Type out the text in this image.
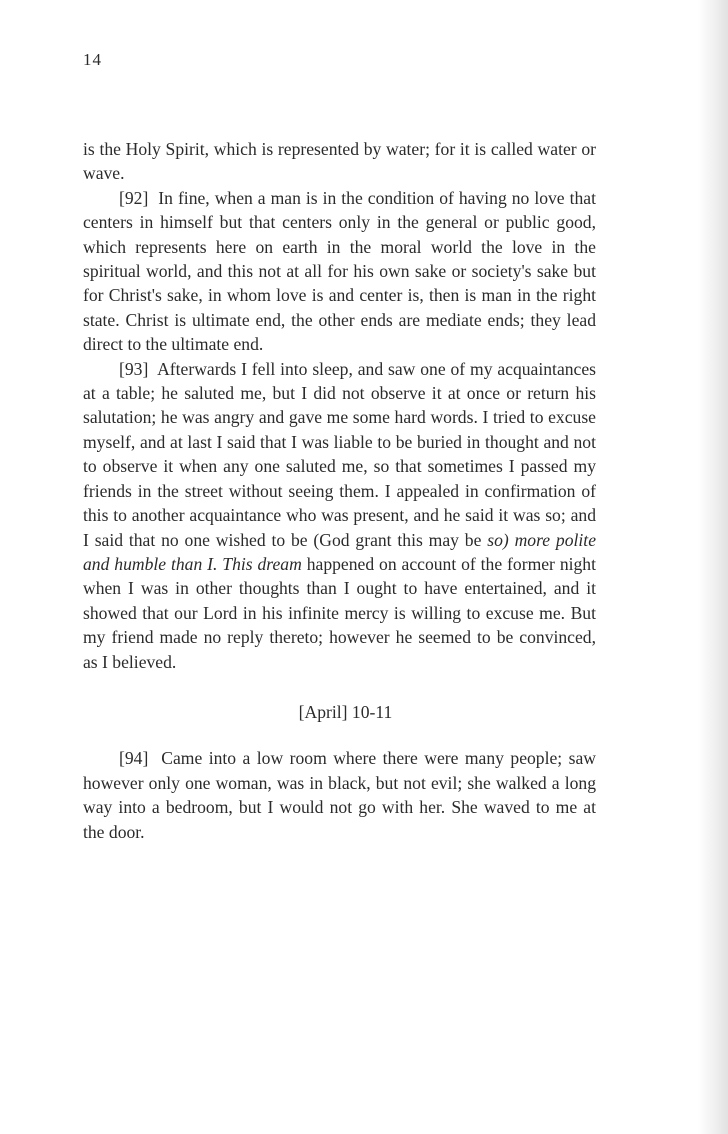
14

is the Holy Spirit, which is represented by water; for it is called water or wave.

[92] In fine, when a man is in the condition of having no love that centers in himself but that centers only in the general or public good, which represents here on earth in the moral world the love in the spiritual world, and this not at all for his own sake or society's sake but for Christ's sake, in whom love is and center is, then is man in the right state. Christ is ultimate end, the other ends are mediate ends; they lead direct to the ultimate end.

[93] Afterwards I fell into sleep, and saw one of my acquaintances at a table; he saluted me, but I did not observe it at once or return his salutation; he was angry and gave me some hard words. I tried to excuse myself, and at last I said that I was liable to be buried in thought and not to observe it when any one saluted me, so that sometimes I passed my friends in the street without seeing them. I appealed in confirmation of this to another acquaintance who was present, and he said it was so; and I said that no one wished to be (God grant this may be so) more polite and humble than I. This dream happened on account of the former night when I was in other thoughts than I ought to have entertained, and it showed that our Lord in his infinite mercy is willing to excuse me. But my friend made no reply thereto; however he seemed to be convinced, as I believed.

[April] 10-11

[94] Came into a low room where there were many people; saw however only one woman, was in black, but not evil; she walked a long way into a bedroom, but I would not go with her. She waved to me at the door.
